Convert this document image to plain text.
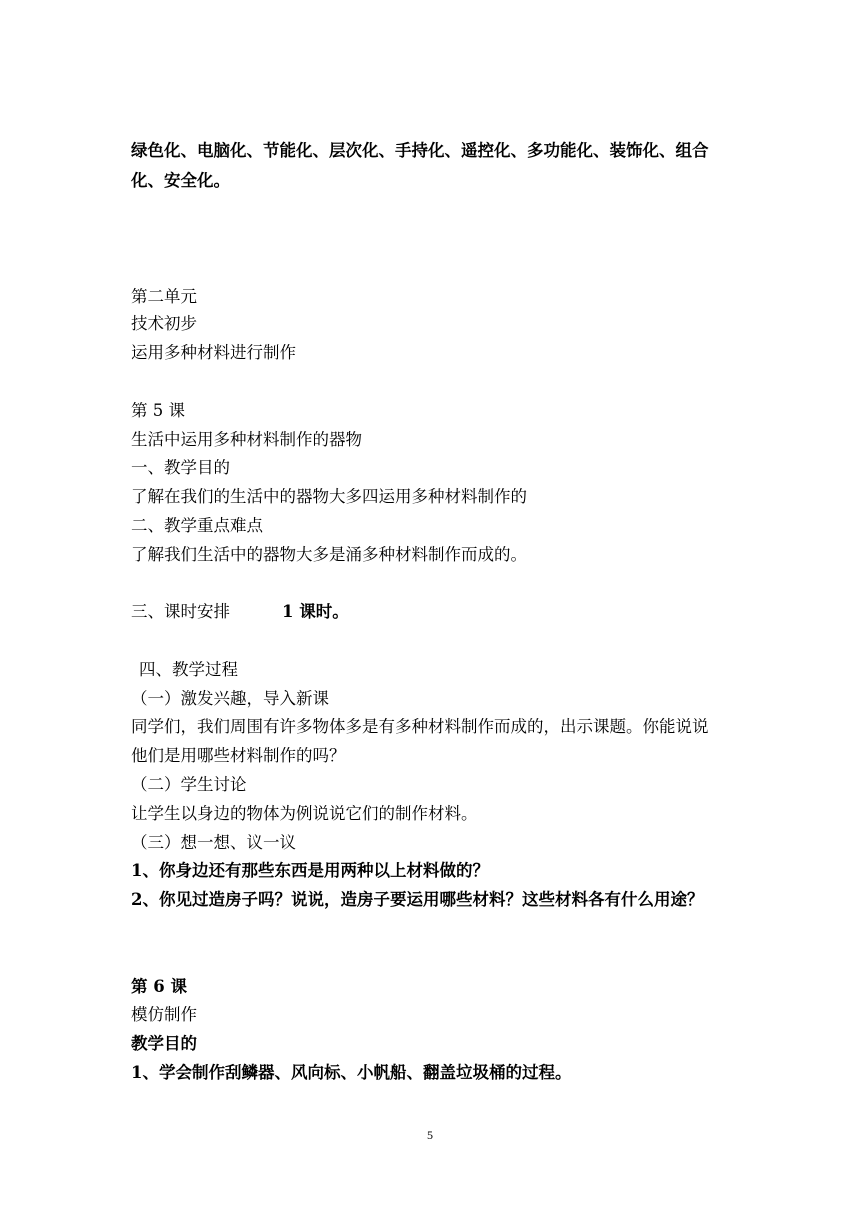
绿色化、电脑化、节能化、层次化、手持化、遥控化、多功能化、装饰化、组合
化、安全化。
第二单元
技术初步
运用多种材料进行制作
第 5 课
生活中运用多种材料制作的器物
一、教学目的
了解在我们的生活中的器物大多四运用多种材料制作的
二、教学重点难点
了解我们生活中的器物大多是涌多种材料制作而成的。
三、课时安排	1 课时。
四、教学过程
（一）激发兴趣，导入新课
同学们，我们周围有许多物体多是有多种材料制作而成的，出示课题。你能说说
他们是用哪些材料制作的吗？
（二）学生讨论
让学生以身边的物体为例说说它们的制作材料。
（三）想一想、议一议
1、你身边还有那些东西是用两种以上材料做的？
2、你见过造房子吗？说说，造房子要运用哪些材料？这些材料各有什么用途？
第 6 课
模仿制作
教学目的
1、学会制作刮鳞器、风向标、小帆船、翻盖垃圾桶的过程。
5
